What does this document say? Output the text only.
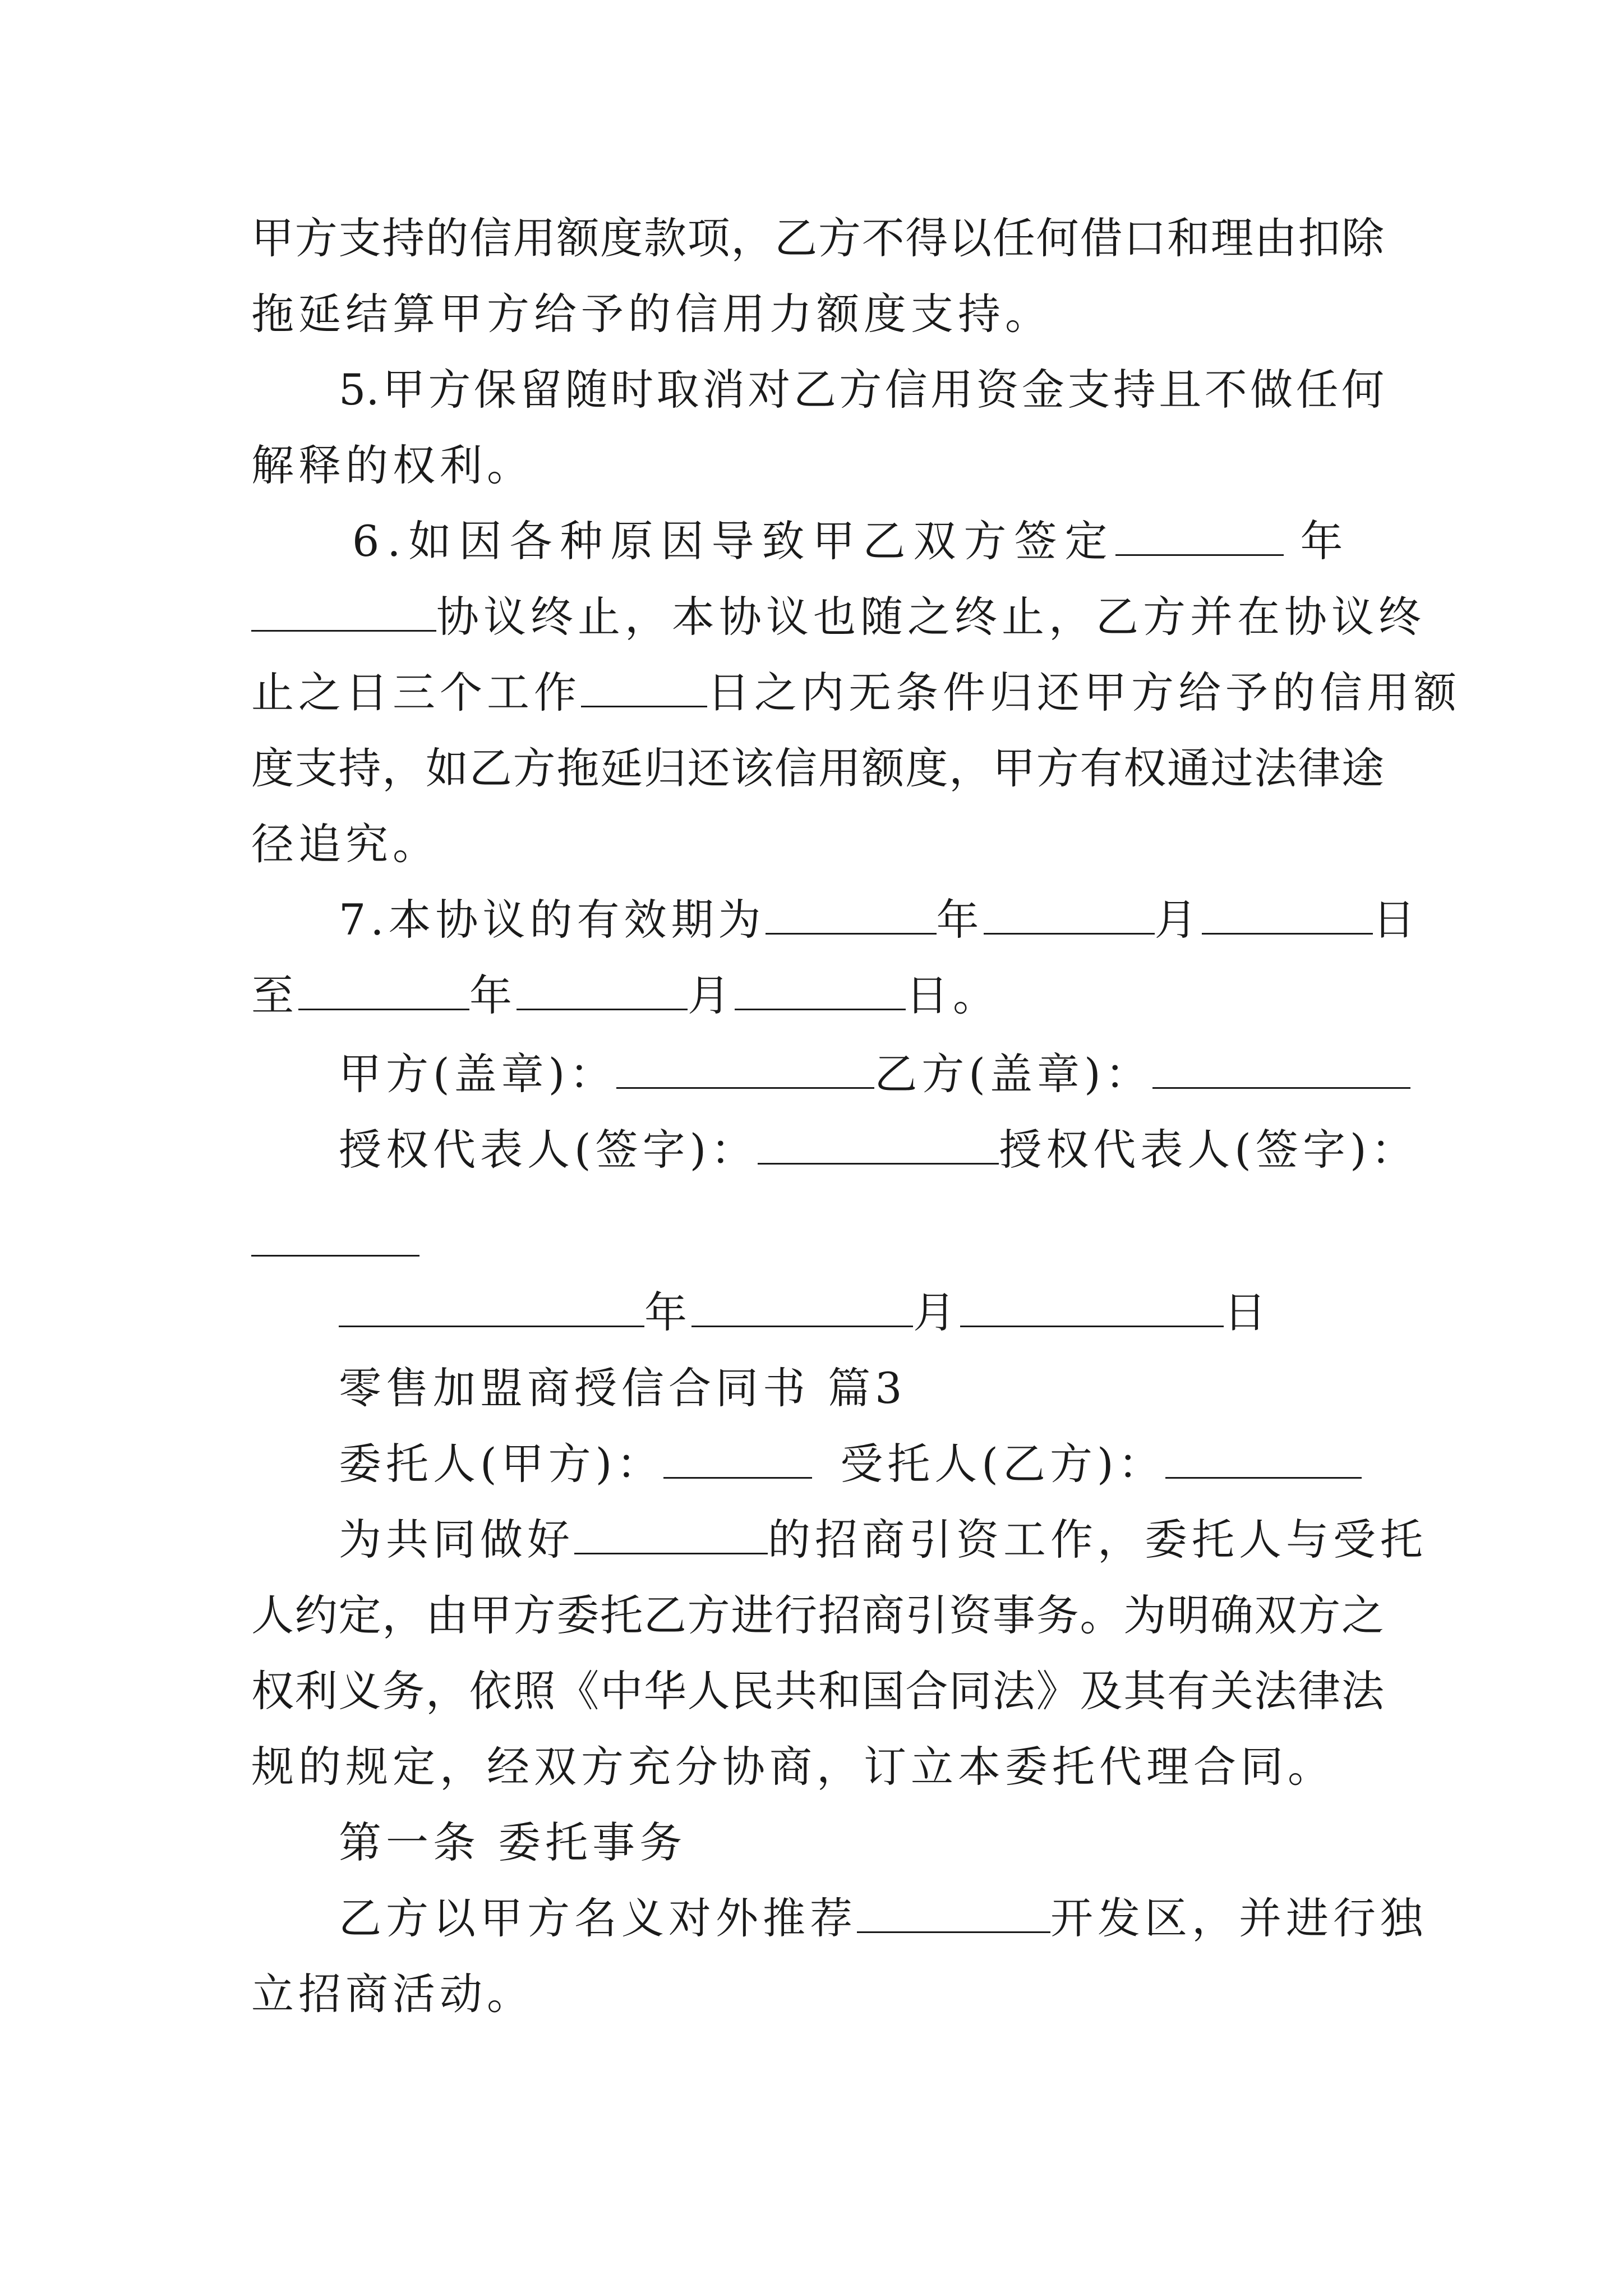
甲方支持的信用额度款项，乙方不得以任何借口和理由扣除
拖延结算甲方给予的信用力额度支持。
5.甲方保留随时取消对乙方信用资金支持且不做任何
解释的权利。
6.如因各种原因导致甲乙双方签定	年
协议终止，本协议也随之终止，乙方并在协议终
止之日三个工作	日之内无条件归还甲方给予的信用额
度支持，如乙方拖延归还该信用额度，甲方有权通过法律途
径追究。
7.本协议的有效期为	年	月	日
至	年	月	日。
甲方(盖章)：	乙方(盖章)：
授权代表人(签字)：	授权代表人(签字)：
年	月	日
零售加盟商授信合同书 篇3
委托人(甲方)：	受托人(乙方)：
为共同做好	的招商引资工作，委托人与受托
人约定，由甲方委托乙方进行招商引资事务。为明确双方之
权利义务，依照《中华人民共和国合同法》及其有关法律法
规的规定，经双方充分协商，订立本委托代理合同。
第一条 委托事务
乙方以甲方名义对外推荐	开发区，并进行独
立招商活动。
